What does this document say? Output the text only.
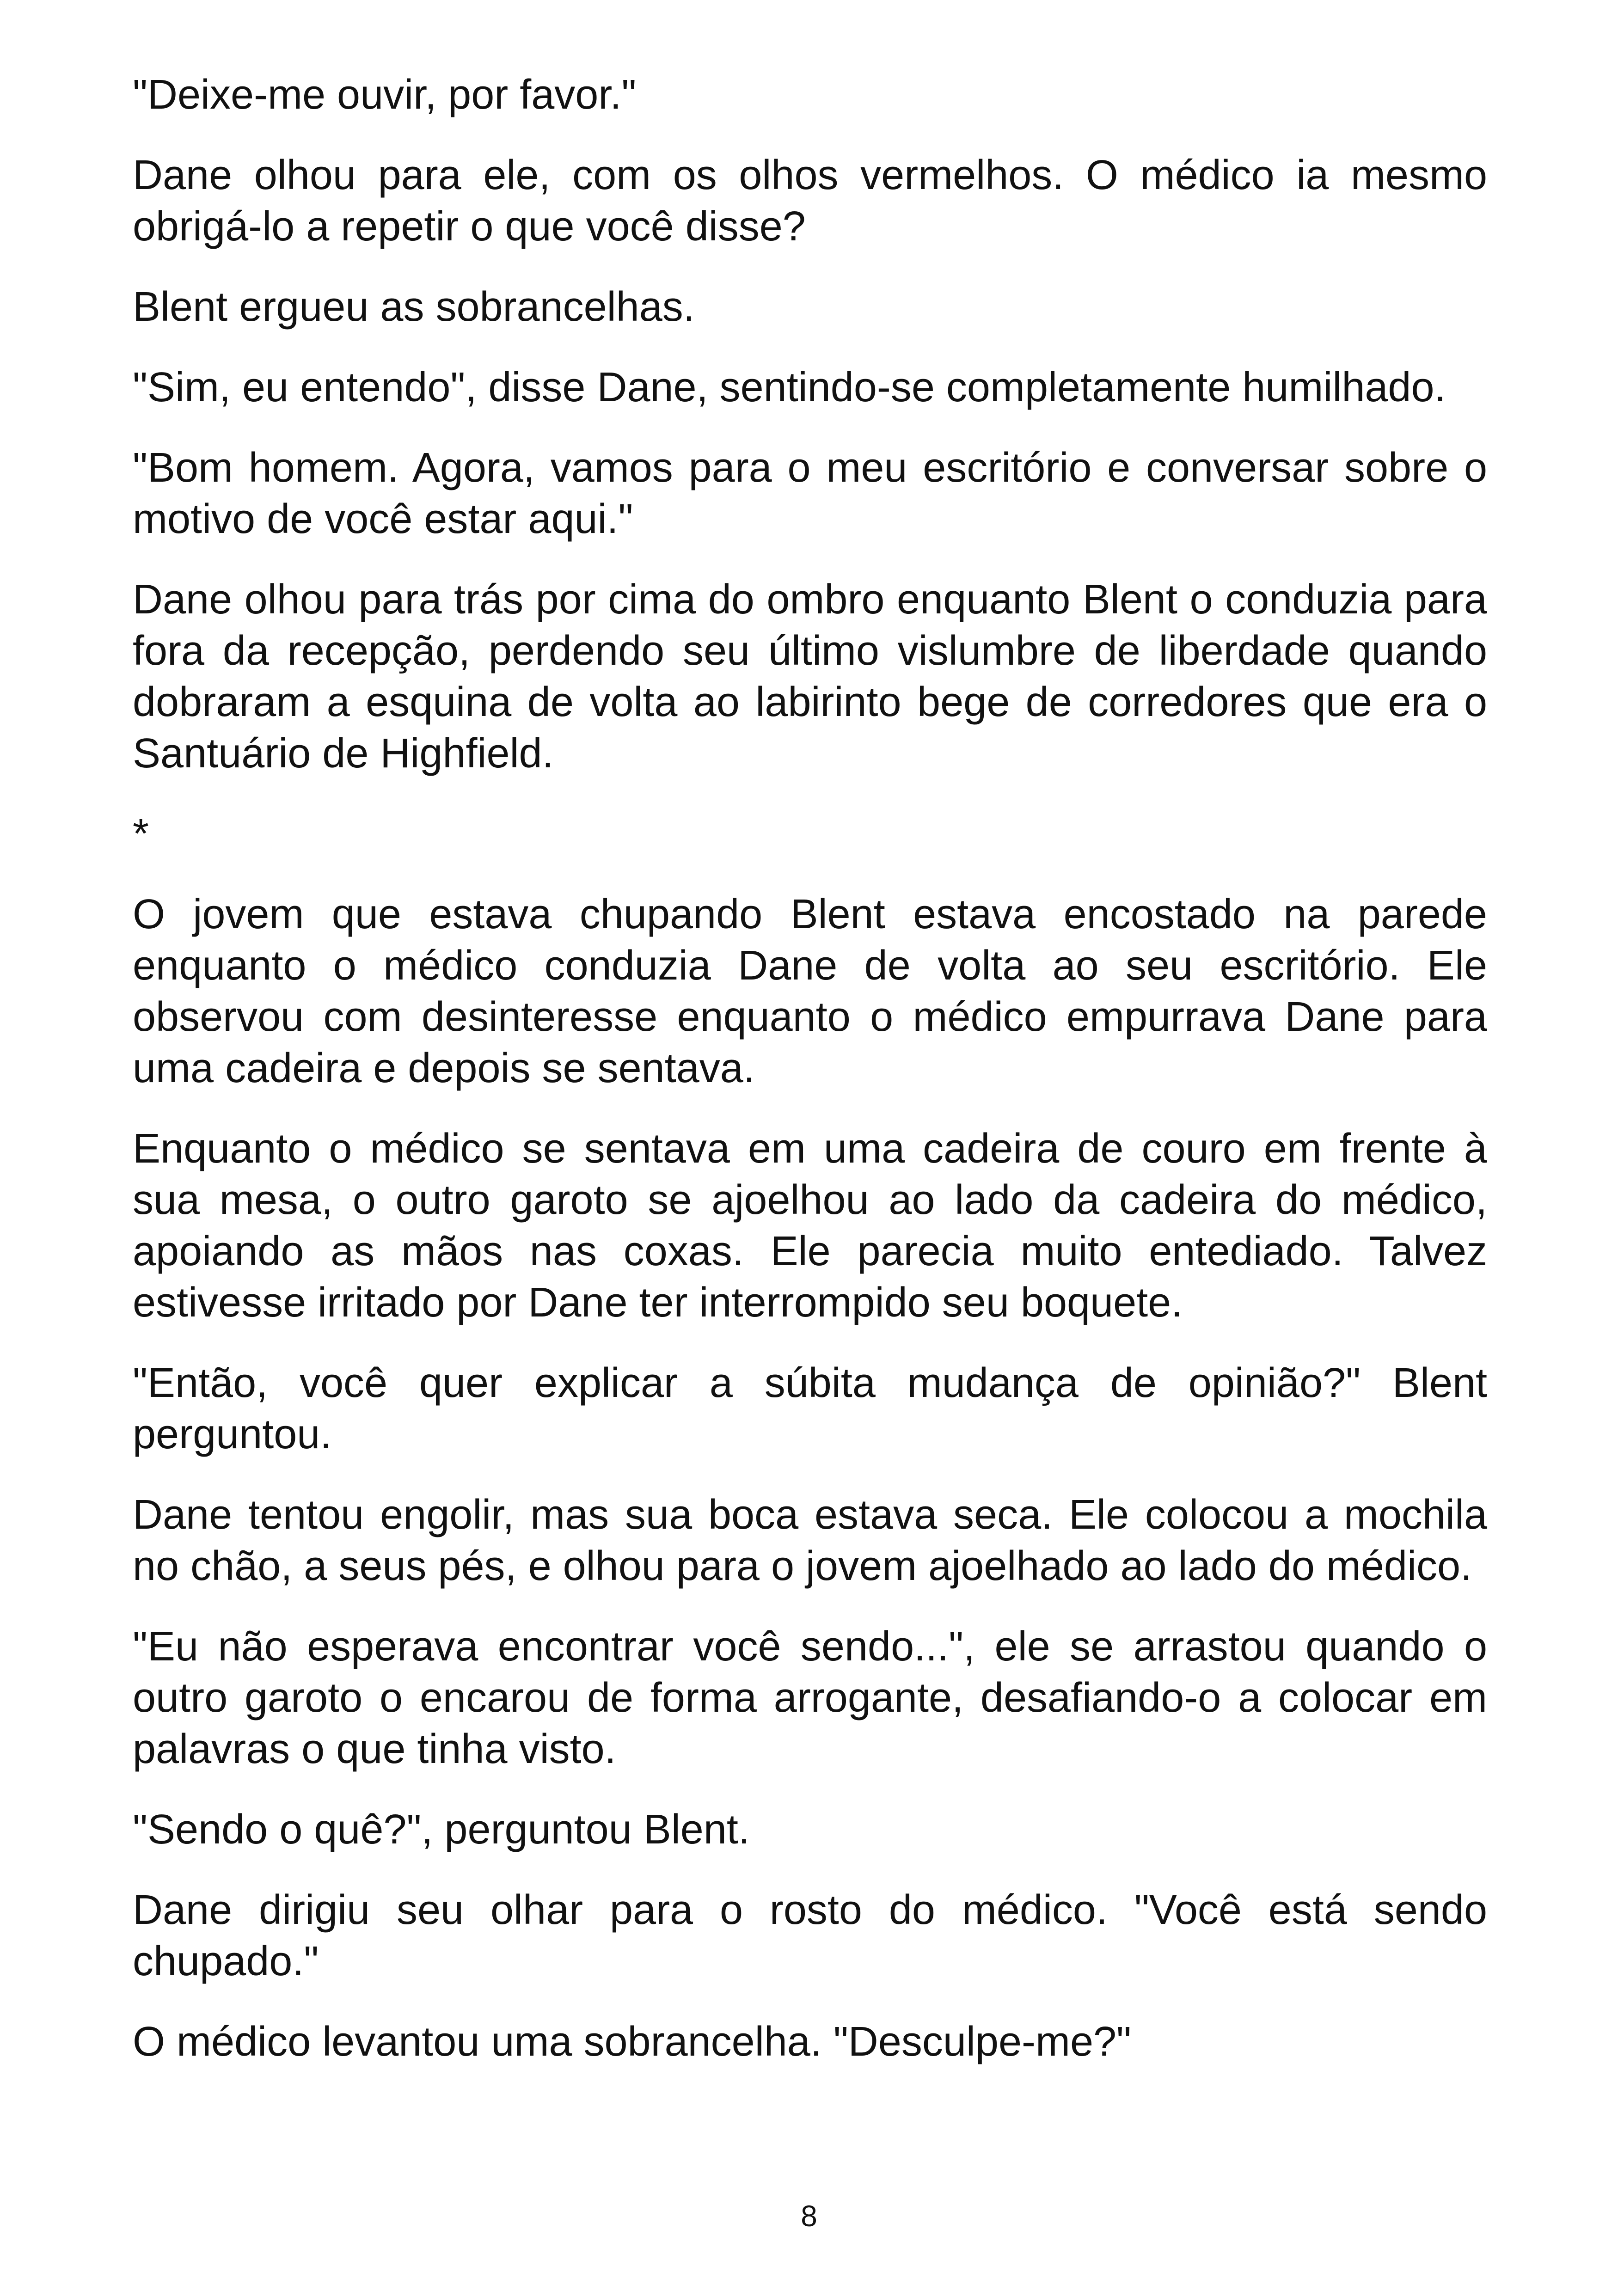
"Deixe-me ouvir, por favor."

Dane olhou para ele, com os olhos vermelhos. O médico ia mesmo obrigá-lo a repetir o que você disse?

Blent ergueu as sobrancelhas.

"Sim, eu entendo", disse Dane, sentindo-se completamente humilhado.

"Bom homem. Agora, vamos para o meu escritório e conversar sobre o motivo de você estar aqui."

Dane olhou para trás por cima do ombro enquanto Blent o conduzia para fora da recepção, perdendo seu último vislumbre de liberdade quando dobraram a esquina de volta ao labirinto bege de corredores que era o Santuário de Highfield.

*

O jovem que estava chupando Blent estava encostado na parede enquanto o médico conduzia Dane de volta ao seu escritório. Ele observou com desinteresse enquanto o médico empurrava Dane para uma cadeira e depois se sentava.

Enquanto o médico se sentava em uma cadeira de couro em frente à sua mesa, o outro garoto se ajoelhou ao lado da cadeira do médico, apoiando as mãos nas coxas. Ele parecia muito entediado. Talvez estivesse irritado por Dane ter interrompido seu boquete.

"Então, você quer explicar a súbita mudança de opinião?" Blent perguntou.

Dane tentou engolir, mas sua boca estava seca. Ele colocou a mochila no chão, a seus pés, e olhou para o jovem ajoelhado ao lado do médico.

"Eu não esperava encontrar você sendo...", ele se arrastou quando o outro garoto o encarou de forma arrogante, desafiando-o a colocar em palavras o que tinha visto.

"Sendo o quê?", perguntou Blent.

Dane dirigiu seu olhar para o rosto do médico. "Você está sendo chupado."

O médico levantou uma sobrancelha. "Desculpe-me?"

8
